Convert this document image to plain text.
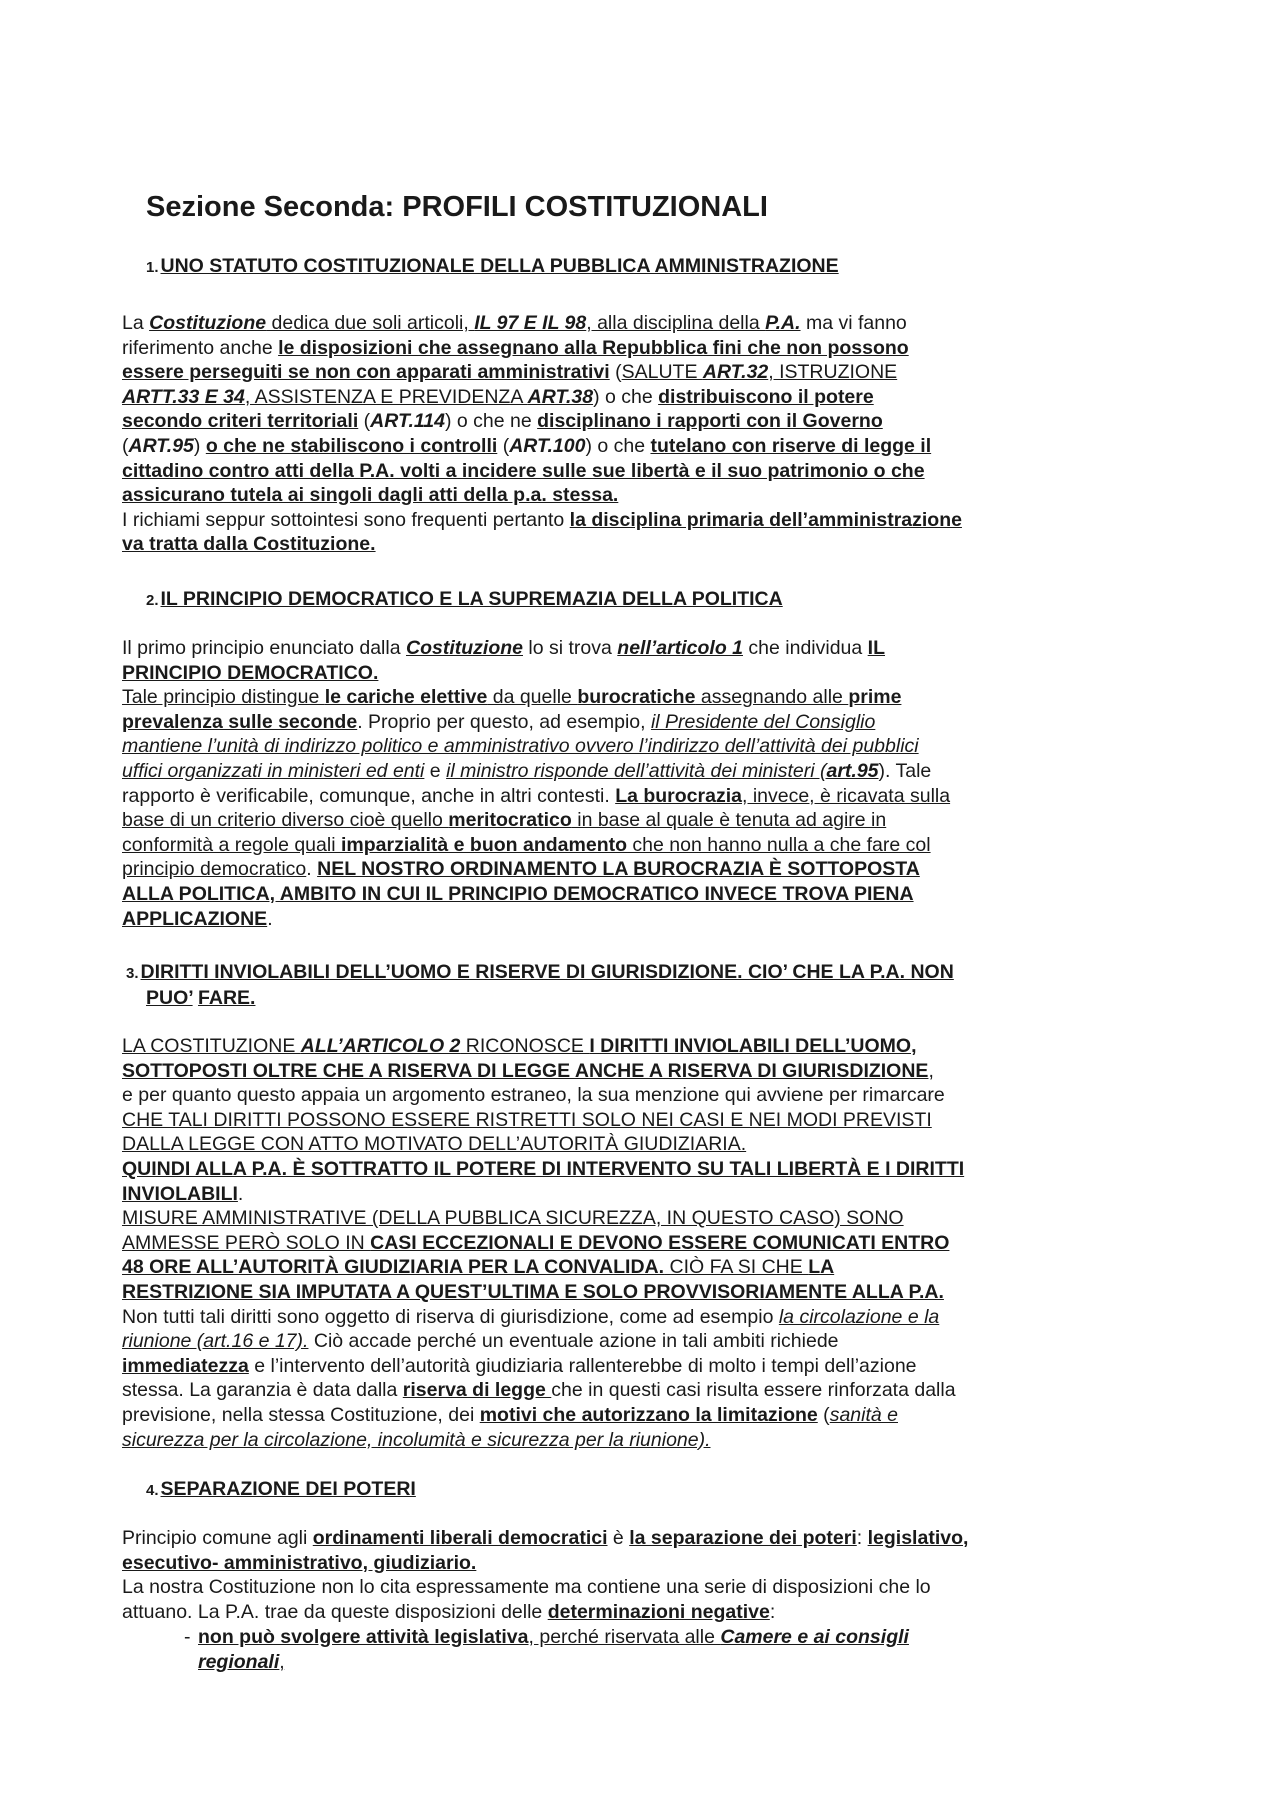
Sezione Seconda: PROFILI COSTITUZIONALI
1. UNO STATUTO COSTITUZIONALE DELLA PUBBLICA AMMINISTRAZIONE
La Costituzione dedica due soli articoli, IL 97 E IL 98, alla disciplina della P.A. ma vi fanno
riferimento anche le disposizioni che assegnano alla Repubblica fini che non possono
essere perseguiti se non con apparati amministrativi (SALUTE ART.32, ISTRUZIONE
ARTT.33 E 34, ASSISTENZA E PREVIDENZA ART.38) o che distribuiscono il potere
secondo criteri territoriali (ART.114) o che ne disciplinano i rapporti con il Governo
(ART.95) o che ne stabiliscono i controlli (ART.100) o che tutelano con riserve di legge il
cittadino contro atti della P.A. volti a incidere sulle sue libertà e il suo patrimonio o che
assicurano tutela ai singoli dagli atti della p.a. stessa.
I richiami seppur sottointesi sono frequenti pertanto la disciplina primaria dell’amministrazione
va tratta dalla Costituzione.
2. IL PRINCIPIO DEMOCRATICO E LA SUPREMAZIA DELLA POLITICA
Il primo principio enunciato dalla Costituzione lo si trova nell’articolo 1 che individua IL
PRINCIPIO DEMOCRATICO.
Tale principio distingue le cariche elettive da quelle burocratiche assegnando alle prime
prevalenza sulle seconde. Proprio per questo, ad esempio, il Presidente del Consiglio
mantiene l’unità di indirizzo politico e amministrativo ovvero l’indirizzo dell’attività dei pubblici
uffici organizzati in ministeri ed enti e il ministro risponde dell’attività dei ministeri (art.95). Tale
rapporto è verificabile, comunque, anche in altri contesti. La burocrazia, invece, è ricavata sulla
base di un criterio diverso cioè quello meritocratico in base al quale è tenuta ad agire in
conformità a regole quali imparzialità e buon andamento che non hanno nulla a che fare col
principio democratico. NEL NOSTRO ORDINAMENTO LA BUROCRAZIA È SOTTOPOSTA
ALLA POLITICA, AMBITO IN CUI IL PRINCIPIO DEMOCRATICO INVECE TROVA PIENA
APPLICAZIONE.
3. DIRITTI INVIOLABILI DELL’UOMO E RISERVE DI GIURISDIZIONE. CIO’ CHE LA P.A. NON
PUO’ FARE.
LA COSTITUZIONE ALL’ARTICOLO 2 RICONOSCE I DIRITTI INVIOLABILI DELL’UOMO,
SOTTOPOSTI OLTRE CHE A RISERVA DI LEGGE ANCHE A RISERVA DI GIURISDIZIONE,
e per quanto questo appaia un argomento estraneo, la sua menzione qui avviene per rimarcare
CHE TALI DIRITTI POSSONO ESSERE RISTRETTI SOLO NEI CASI E NEI MODI PREVISTI
DALLA LEGGE CON ATTO MOTIVATO DELL’AUTORITÀ GIUDIZIARIA.
QUINDI ALLA P.A. È SOTTRATTO IL POTERE DI INTERVENTO SU TALI LIBERTÀ E I DIRITTI
INVIOLABILI.
MISURE AMMINISTRATIVE (DELLA PUBBLICA SICUREZZA, IN QUESTO CASO) SONO
AMMESSE PERÒ SOLO IN CASI ECCEZIONALI E DEVONO ESSERE COMUNICATI ENTRO
48 ORE ALL’AUTORITÀ GIUDIZIARIA PER LA CONVALIDA. CIÒ FA SI CHE LA
RESTRIZIONE SIA IMPUTATA A QUEST’ULTIMA E SOLO PROVVISORIAMENTE ALLA P.A.
Non tutti tali diritti sono oggetto di riserva di giurisdizione, come ad esempio la circolazione e la
riunione (art.16 e 17). Ciò accade perché un eventuale azione in tali ambiti richiede
immediatezza e l’intervento dell’autorità giudiziaria rallenterebbe di molto i tempi dell’azione
stessa. La garanzia è data dalla riserva di legge che in questi casi risulta essere rinforzata dalla
previsione, nella stessa Costituzione, dei motivi che autorizzano la limitazione (sanità e
sicurezza per la circolazione, incolumità e sicurezza per la riunione).
4. SEPARAZIONE DEI POTERI
Principio comune agli ordinamenti liberali democratici è la separazione dei poteri: legislativo,
esecutivo- amministrativo, giudiziario.
La nostra Costituzione non lo cita espressamente ma contiene una serie di disposizioni che lo
attuano. La P.A. trae da queste disposizioni delle determinazioni negative:
- non può svolgere attività legislativa, perché riservata alle Camere e ai consigli
regionali,
